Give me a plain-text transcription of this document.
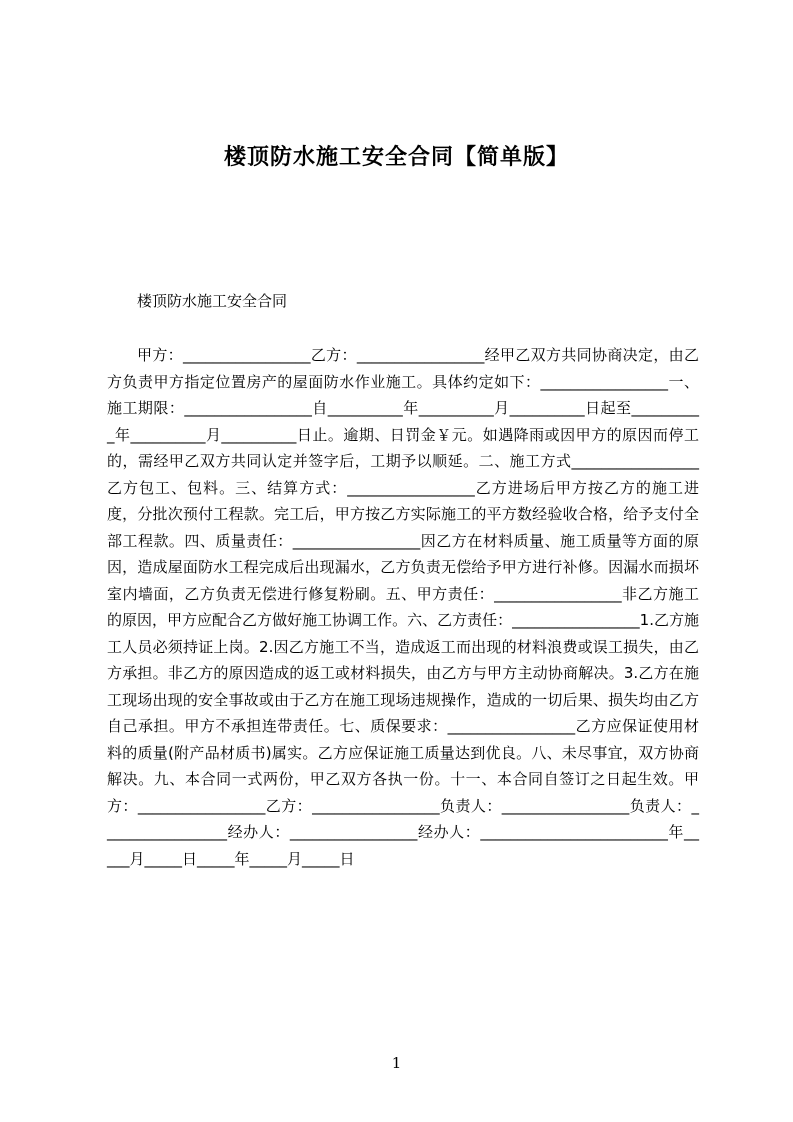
楼顶防水施工安全合同【简单版】

楼顶防水施工安全合同

甲方：_________________乙方：_________________经甲乙双方共同协商决定，由乙方负责甲方指定位置房产的屋面防水作业施工。具体约定如下：_________________一、施工期限：_________________自__________年__________月__________日起至__________年__________月__________日止。逾期、日罚金￥元。如遇降雨或因甲方的原因而停工的，需经甲乙双方共同认定并签字后，工期予以顺延。二、施工方式_________________乙方包工、包料。三、结算方式：_________________乙方进场后甲方按乙方的施工进度，分批次预付工程款。完工后，甲方按乙方实际施工的平方数经验收合格，给予支付全部工程款。四、质量责任：_________________因乙方在材料质量、施工质量等方面的原因，造成屋面防水工程完成后出现漏水，乙方负责无偿给予甲方进行补修。因漏水而损坏室内墙面，乙方负责无偿进行修复粉刷。五、甲方责任：_________________非乙方施工的原因，甲方应配合乙方做好施工协调工作。六、乙方责任：_________________1.乙方施工人员必须持证上岗。2.因乙方施工不当，造成返工而出现的材料浪费或误工损失，由乙方承担。非乙方的原因造成的返工或材料损失，由乙方与甲方主动协商解决。3.乙方在施工现场出现的安全事故或由于乙方在施工现场违规操作，造成的一切后果、损失均由乙方自己承担。甲方不承担连带责任。七、质保要求：_________________乙方应保证使用材料的质量(附产品材质书)属实。乙方应保证施工质量达到优良。八、未尽事宜，双方协商解决。九、本合同一式两份，甲乙双方各执一份。十一、本合同自签订之日起生效。甲方：_________________乙方：_________________负责人：_________________负责人：_________________经办人：_________________经办人：_________________________年_____月_____日_____年_____月_____日

1
